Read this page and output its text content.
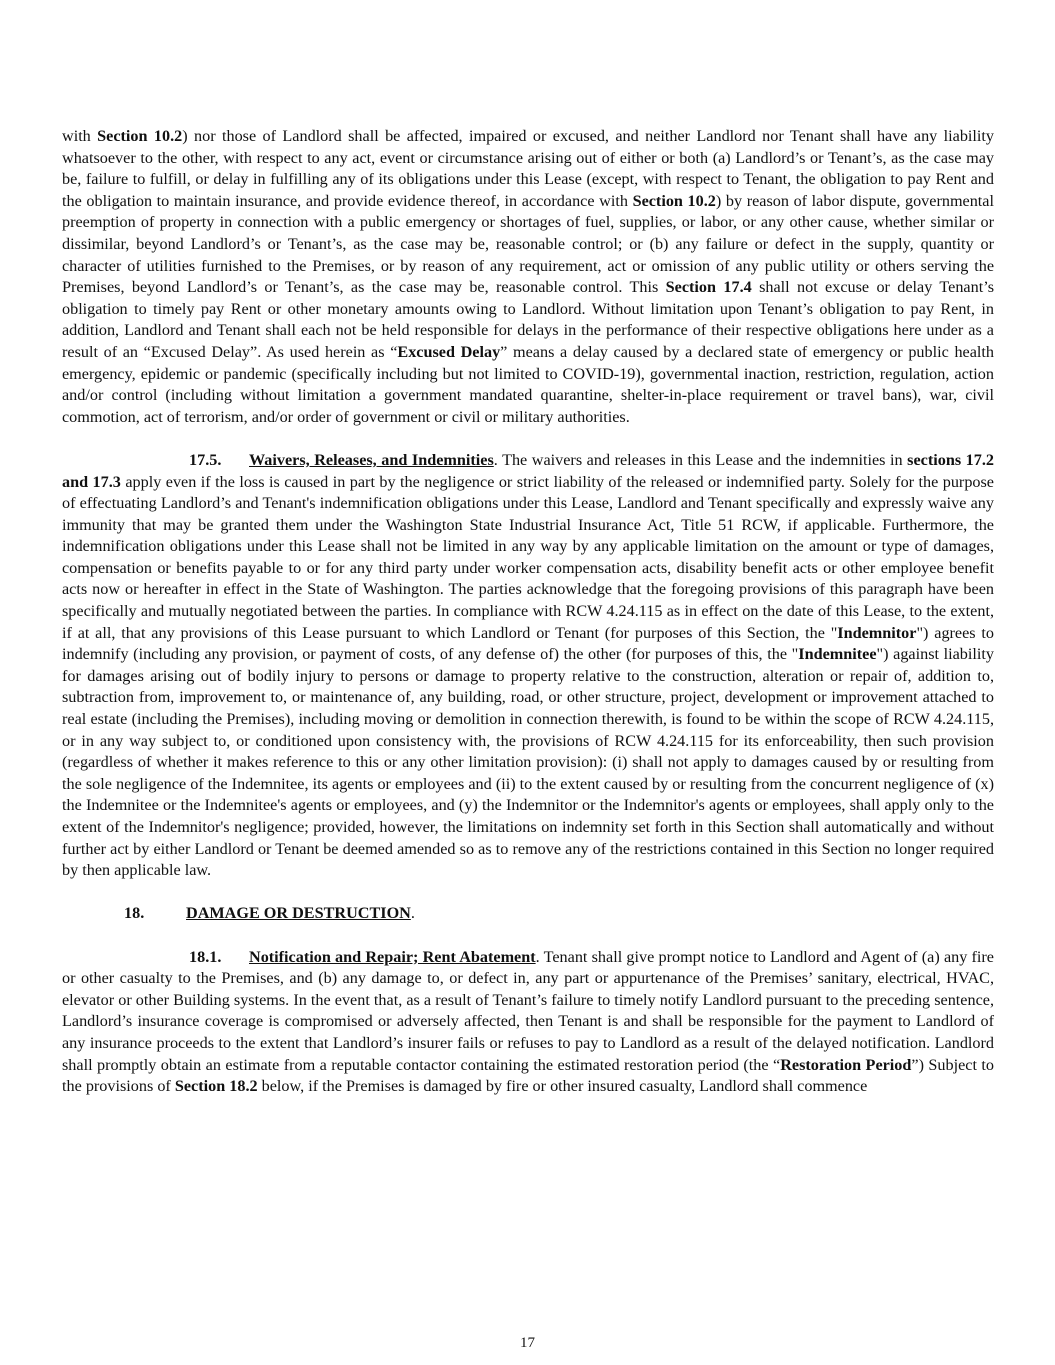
with Section 10.2) nor those of Landlord shall be affected, impaired or excused, and neither Landlord nor Tenant shall have any liability whatsoever to the other, with respect to any act, event or circumstance arising out of either or both (a) Landlord’s or Tenant’s, as the case may be, failure to fulfill, or delay in fulfilling any of its obligations under this Lease (except, with respect to Tenant, the obligation to pay Rent and the obligation to maintain insurance, and provide evidence thereof, in accordance with Section 10.2) by reason of labor dispute, governmental preemption of property in connection with a public emergency or shortages of fuel, supplies, or labor, or any other cause, whether similar or dissimilar, beyond Landlord’s or Tenant’s, as the case may be, reasonable control; or (b) any failure or defect in the supply, quantity or character of utilities furnished to the Premises, or by reason of any requirement, act or omission of any public utility or others serving the Premises, beyond Landlord’s or Tenant’s, as the case may be, reasonable control. This Section 17.4 shall not excuse or delay Tenant’s obligation to timely pay Rent or other monetary amounts owing to Landlord. Without limitation upon Tenant’s obligation to pay Rent, in addition, Landlord and Tenant shall each not be held responsible for delays in the performance of their respective obligations here under as a result of an “Excused Delay”. As used herein as “Excused Delay” means a delay caused by a declared state of emergency or public health emergency, epidemic or pandemic (specifically including but not limited to COVID-19), governmental inaction, restriction, regulation, action and/or control (including without limitation a government mandated quarantine, shelter-in-place requirement or travel bans), war, civil commotion, act of terrorism, and/or order of government or civil or military authorities.

17.5. Waivers, Releases, and Indemnities. The waivers and releases in this Lease and the indemnities in sections 17.2 and 17.3 apply even if the loss is caused in part by the negligence or strict liability of the released or indemnified party. Solely for the purpose of effectuating Landlord’s and Tenant's indemnification obligations under this Lease, Landlord and Tenant specifically and expressly waive any immunity that may be granted them under the Washington State Industrial Insurance Act, Title 51 RCW, if applicable. Furthermore, the indemnification obligations under this Lease shall not be limited in any way by any applicable limitation on the amount or type of damages, compensation or benefits payable to or for any third party under worker compensation acts, disability benefit acts or other employee benefit acts now or hereafter in effect in the State of Washington. The parties acknowledge that the foregoing provisions of this paragraph have been specifically and mutually negotiated between the parties. In compliance with RCW 4.24.115 as in effect on the date of this Lease, to the extent, if at all, that any provisions of this Lease pursuant to which Landlord or Tenant (for purposes of this Section, the "Indemnitor") agrees to indemnify (including any provision, or payment of costs, of any defense of) the other (for purposes of this, the "Indemnitee") against liability for damages arising out of bodily injury to persons or damage to property relative to the construction, alteration or repair of, addition to, subtraction from, improvement to, or maintenance of, any building, road, or other structure, project, development or improvement attached to real estate (including the Premises), including moving or demolition in connection therewith, is found to be within the scope of RCW 4.24.115, or in any way subject to, or conditioned upon consistency with, the provisions of RCW 4.24.115 for its enforceability, then such provision (regardless of whether it makes reference to this or any other limitation provision): (i) shall not apply to damages caused by or resulting from the sole negligence of the Indemnitee, its agents or employees and (ii) to the extent caused by or resulting from the concurrent negligence of (x) the Indemnitee or the Indemnitee's agents or employees, and (y) the Indemnitor or the Indemnitor's agents or employees, shall apply only to the extent of the Indemnitor's negligence; provided, however, the limitations on indemnity set forth in this Section shall automatically and without further act by either Landlord or Tenant be deemed amended so as to remove any of the restrictions contained in this Section no longer required by then applicable law.

18.	DAMAGE OR DESTRUCTION.

18.1. Notification and Repair; Rent Abatement. Tenant shall give prompt notice to Landlord and Agent of (a) any fire or other casualty to the Premises, and (b) any damage to, or defect in, any part or appurtenance of the Premises’ sanitary, electrical, HVAC, elevator or other Building systems. In the event that, as a result of Tenant’s failure to timely notify Landlord pursuant to the preceding sentence, Landlord’s insurance coverage is compromised or adversely affected, then Tenant is and shall be responsible for the payment to Landlord of any insurance proceeds to the extent that Landlord’s insurer fails or refuses to pay to Landlord as a result of the delayed notification. Landlord shall promptly obtain an estimate from a reputable contactor containing the estimated restoration period (the “Restoration Period”) Subject to the provisions of Section 18.2 below, if the Premises is damaged by fire or other insured casualty, Landlord shall commence

17
